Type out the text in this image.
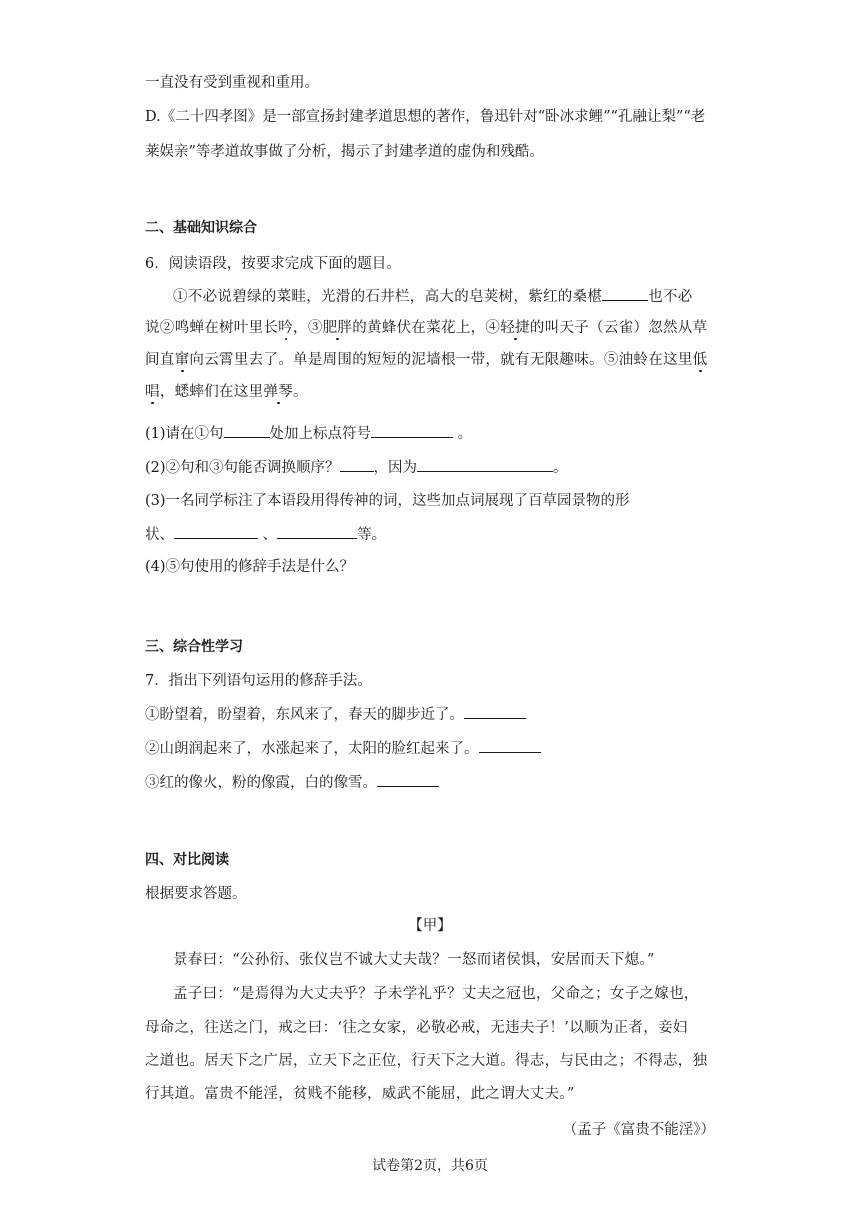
一直没有受到重视和重用。
D.《二十四孝图》是一部宣扬封建孝道思想的著作，鲁迅针对“卧冰求鲤”“孔融让梨”“老
莱娱亲”等孝道故事做了分析，揭示了封建孝道的虚伪和残酷。
二、基础知识综合
6．阅读语段，按要求完成下面的题目。
①不必说碧绿的菜畦，光滑的石井栏，高大的皂荚树，紫红的桑椹	也不必
说②鸣蝉在树叶里长吟，③肥胖的黄蜂伏在菜花上，④轻捷的叫天子（云雀）忽然从草
间直窜向云霄里去了。单是周围的短短的泥墙根一带，就有无限趣味。⑤油蛉在这里低
唱，蟋蟀们在这里弹琴。
(1)请在①句	处加上标点符号	。
(2)②句和③句能否调换顺序？ ，因为	。
(3)一名同学标注了本语段用得传神的词，这些加点词展现了百草园景物的形
状、	、	等。
(4)⑤句使用的修辞手法是什么？
三、综合性学习
7．指出下列语句运用的修辞手法。
①盼望着，盼望着，东风来了，春天的脚步近了。
②山朗润起来了，水涨起来了，太阳的脸红起来了。
③红的像火，粉的像霞，白的像雪。
四、对比阅读
根据要求答题。
【甲】
景春曰：“公孙衍、张仪岂不诚大丈夫哉？一怒而诸侯惧，安居而天下熄。”
孟子曰：“是焉得为大丈夫乎？子未学礼乎？丈夫之冠也，父命之；女子之嫁也，
母命之，往送之门，戒之曰：‘往之女家，必敬必戒，无违夫子！’以顺为正者，妾妇
之道也。居天下之广居，立天下之正位，行天下之大道。得志，与民由之；不得志，独
行其道。富贵不能淫，贫贱不能移，威武不能屈，此之谓大丈夫。”
（孟子《富贵不能淫》）
试卷第2页，共6页
